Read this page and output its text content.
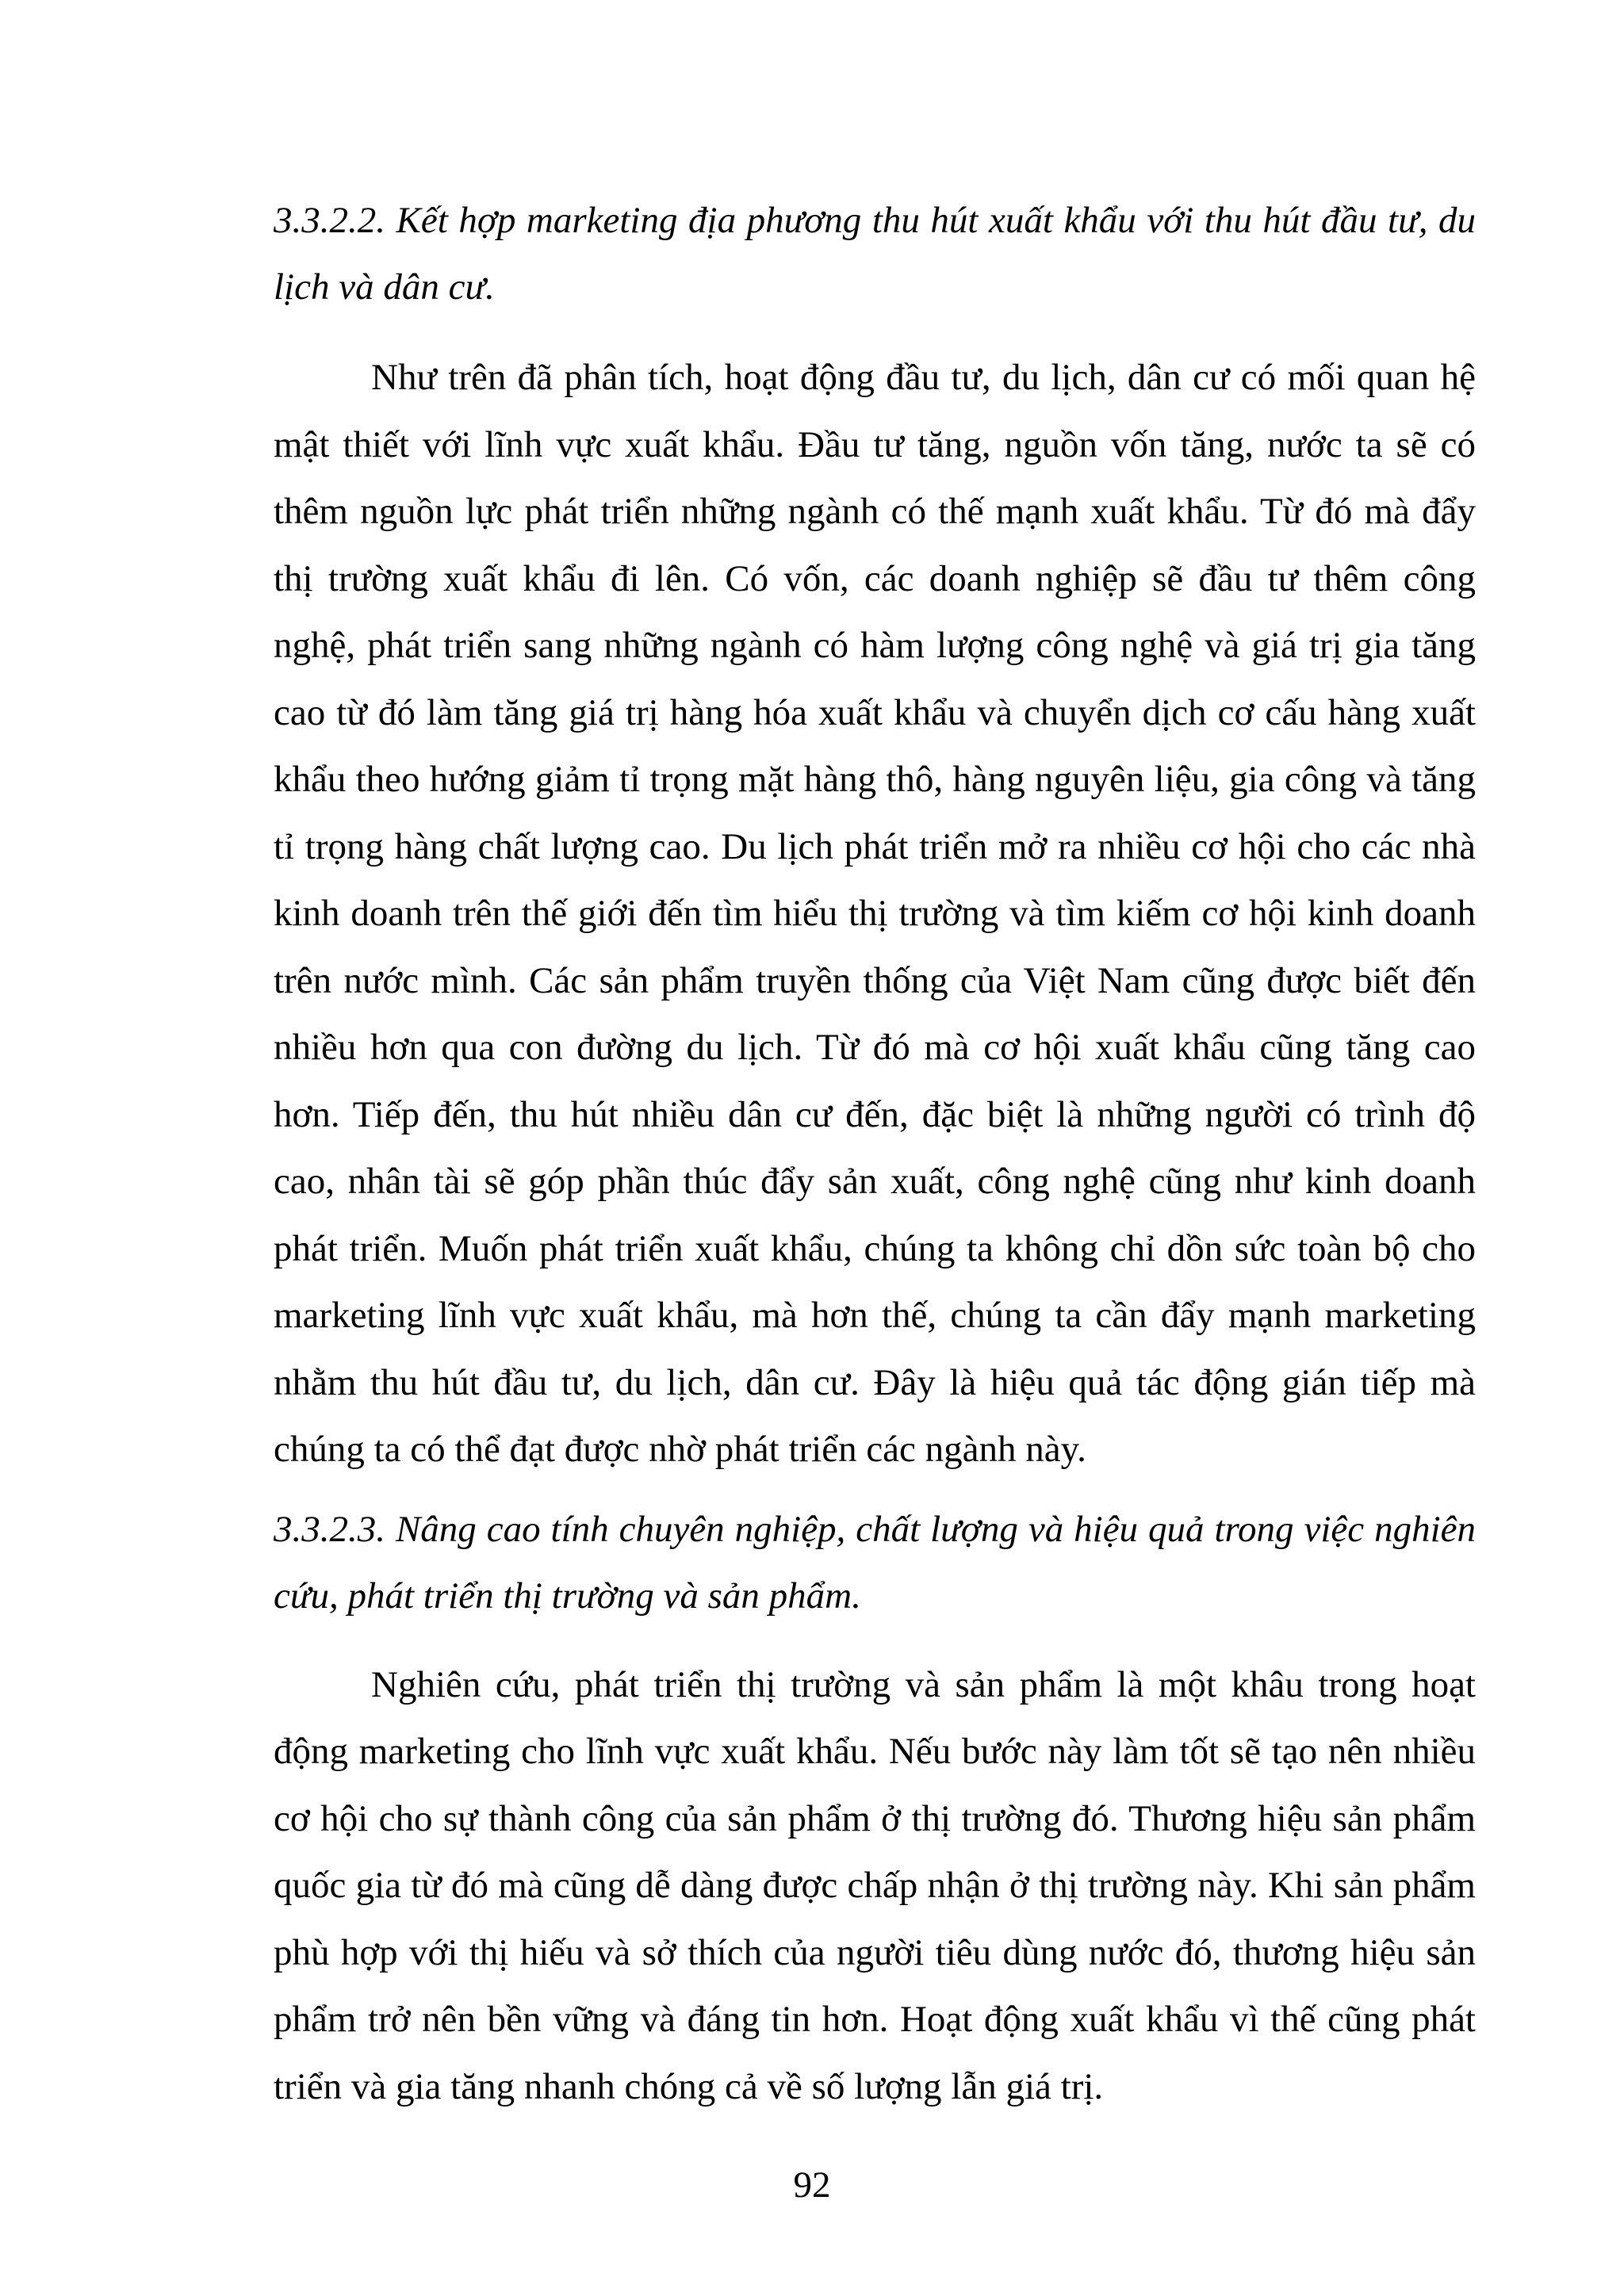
3.3.2.2. Kết hợp marketing địa phương thu hút xuất khẩu với thu hút đầu tư, du lịch và dân cư.

Như trên đã phân tích, hoạt động đầu tư, du lịch, dân cư có mối quan hệ mật thiết với lĩnh vực xuất khẩu. Đầu tư tăng, nguồn vốn tăng, nước ta sẽ có thêm nguồn lực phát triển những ngành có thế mạnh xuất khẩu. Từ đó mà đẩy thị trường xuất khẩu đi lên. Có vốn, các doanh nghiệp sẽ đầu tư thêm công nghệ, phát triển sang những ngành có hàm lượng công nghệ và giá trị gia tăng cao từ đó làm tăng giá trị hàng hóa xuất khẩu và chuyển dịch cơ cấu hàng xuất khẩu theo hướng giảm tỉ trọng mặt hàng thô, hàng nguyên liệu, gia công và tăng tỉ trọng hàng chất lượng cao. Du lịch phát triển mở ra nhiều cơ hội cho các nhà kinh doanh trên thế giới đến tìm hiểu thị trường và tìm kiếm cơ hội kinh doanh trên nước mình. Các sản phẩm truyền thống của Việt Nam cũng được biết đến nhiều hơn qua con đường du lịch. Từ đó mà cơ hội xuất khẩu cũng tăng cao hơn. Tiếp đến, thu hút nhiều dân cư đến, đặc biệt là những người có trình độ cao, nhân tài sẽ góp phần thúc đẩy sản xuất, công nghệ cũng như kinh doanh phát triển. Muốn phát triển xuất khẩu, chúng ta không chỉ dồn sức toàn bộ cho marketing lĩnh vực xuất khẩu, mà hơn thế, chúng ta cần đẩy mạnh marketing nhằm thu hút đầu tư, du lịch, dân cư. Đây là hiệu quả tác động gián tiếp mà chúng ta có thể đạt được nhờ phát triển các ngành này.

3.3.2.3. Nâng cao tính chuyên nghiệp, chất lượng và hiệu quả trong việc nghiên cứu, phát triển thị trường và sản phẩm.

Nghiên cứu, phát triển thị trường và sản phẩm là một khâu trong hoạt động marketing cho lĩnh vực xuất khẩu. Nếu bước này làm tốt sẽ tạo nên nhiều cơ hội cho sự thành công của sản phẩm ở thị trường đó. Thương hiệu sản phẩm quốc gia từ đó mà cũng dễ dàng được chấp nhận ở thị trường này. Khi sản phẩm phù hợp với thị hiếu và sở thích của người tiêu dùng nước đó, thương hiệu sản phẩm trở nên bền vững và đáng tin hơn. Hoạt động xuất khẩu vì thế cũng phát triển và gia tăng nhanh chóng cả về số lượng lẫn giá trị.

92
